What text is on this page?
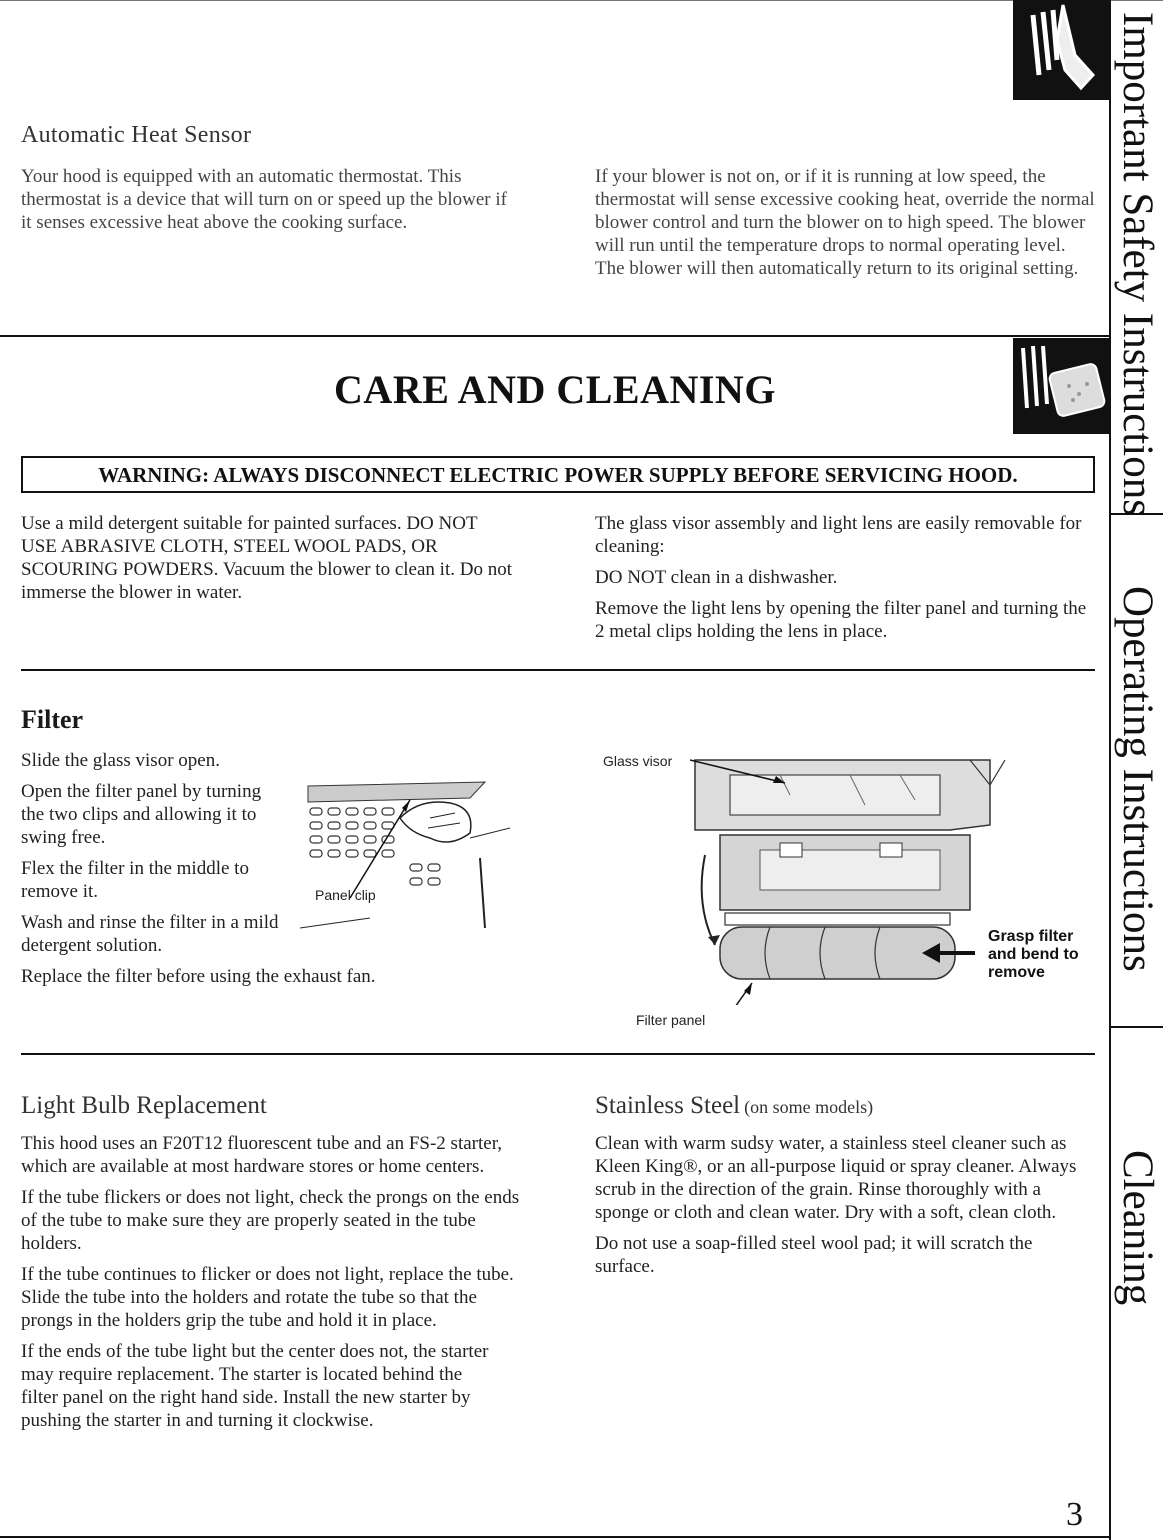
Automatic Heat Sensor
Your hood is equipped with an automatic thermostat. This thermostat is a device that will turn on or speed up the blower if it senses excessive heat above the cooking surface.
If your blower is not on, or if it is running at low speed, the thermostat will sense excessive cooking heat, override the normal blower control and turn the blower on to high speed. The blower will run until the temperature drops to normal operating level. The blower will then automatically return to its original setting.
CARE AND CLEANING
WARNING: ALWAYS DISCONNECT ELECTRIC POWER SUPPLY BEFORE SERVICING HOOD.
Use a mild detergent suitable for painted surfaces. DO NOT USE ABRASIVE CLOTH, STEEL WOOL PADS, OR SCOURING POWDERS. Vacuum the blower to clean it. Do not immerse the blower in water.

The glass visor assembly and light lens are easily removable for cleaning:

DO NOT clean in a dishwasher.

Remove the light lens by opening the filter panel and turning the 2 metal clips holding the lens in place.

Filter

Slide the glass visor open.

Open the filter panel by turning the two clips and allowing it to swing free.

Flex the filter in the middle to remove it.

Wash and rinse the filter in a mild detergent solution.

Replace the filter before using the exhaust fan.

Panel clip
Glass visor
Grasp filter
and bend to
remove
Filter panel
Light Bulb Replacement

This hood uses an F20T12 fluorescent tube and an FS-2 starter, which are available at most hardware stores or home centers.

If the tube flickers or does not light, check the prongs on the ends of the tube to make sure they are properly seated in the tube holders.

If the tube continues to flicker or does not light, replace the tube. Slide the tube into the holders and rotate the tube so that the prongs in the holders grip the tube and hold it in place.

If the ends of the tube light but the center does not, the starter may require replacement. The starter is located behind the filter panel on the right hand side. Install the new starter by pushing the starter in and turning it clockwise.

Stainless Steel (on some models)

Clean with warm sudsy water, a stainless steel cleaner such as Kleen King®, or an all-purpose liquid or spray cleaner. Always scrub in the direction of the grain. Rinse thoroughly with a sponge or cloth and clean water. Dry with a soft, clean cloth.

Do not use a soap-filled steel wool pad; it will scratch the surface.

3
Important Safety Instructions
Operating Instructions
Cleaning
